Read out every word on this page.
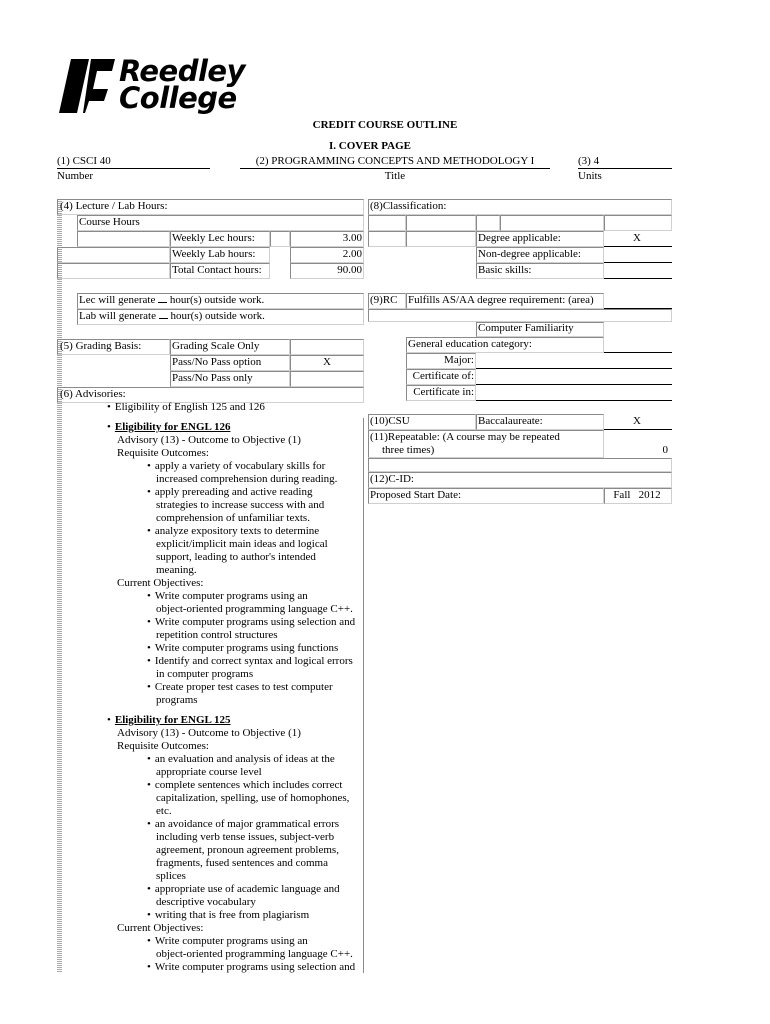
Reedley
College
CREDIT COURSE OUTLINE
I. COVER PAGE
(1) CSCI 40
Number
(2) PROGRAMMING CONCEPTS AND METHODOLOGY I
Title
(3) 4
Units
(4) Lecture / Lab Hours:
Course Hours
Weekly Lec hours:	3.00
Weekly Lab hours:	2.00
Total Contact hours:	90.00
Lec will generate hour(s) outside work.
Lab will generate hour(s) outside work.
(5) Grading Basis:	Grading Scale Only
Pass/No Pass option	X
Pass/No Pass only
(6) Advisories:
• Eligibility of English 125 and 126
• Eligibility for ENGL 126
Advisory (13) - Outcome to Objective (1)
Requisite Outcomes:
• apply a variety of vocabulary skills for
increased comprehension during reading.
• apply prereading and active reading
strategies to increase success with and
comprehension of unfamiliar texts.
• analyze expository texts to determine
explicit/implicit main ideas and logical
support, leading to author's intended
meaning.
Current Objectives:
• Write computer programs using an
object-oriented programming language C++.
• Write computer programs using selection and
repetition control structures
• Write computer programs using functions
• Identify and correct syntax and logical errors
in computer programs
• Create proper test cases to test computer
programs
• Eligibility for ENGL 125
Advisory (13) - Outcome to Objective (1)
Requisite Outcomes:
• an evaluation and analysis of ideas at the
appropriate course level
• complete sentences which includes correct
capitalization, spelling, use of homophones,
etc.
• an avoidance of major grammatical errors
including verb tense issues, subject-verb
agreement, pronoun agreement problems,
fragments, fused sentences and comma
splices
• appropriate use of academic language and
descriptive vocabulary
• writing that is free from plagiarism
Current Objectives:
• Write computer programs using an
object-oriented programming language C++.
• Write computer programs using selection and
(8)Classification:
Degree applicable:	X
Non-degree applicable:
Basic skills:
(9)RC Fulfills AS/AA degree requirement: (area)
Computer Familiarity
General education category:
Major:
Certificate of:
Certificate in:
(10)CSU	Baccalaureate:	X
(11)Repeatable: (A course may be repeated
three times)	0
(12)C-ID:
Proposed Start Date:	Fall   2012
